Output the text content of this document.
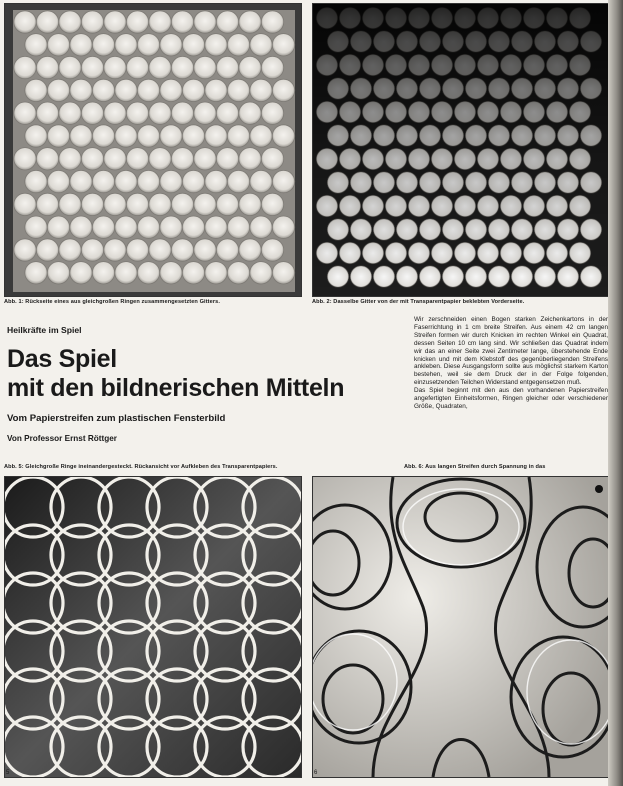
Abb. 1: Rückseite eines aus gleichgroßen Ringen zusammengesetzten Gitters.	Abb. 2: Dasselbe Gitter von der mit Transparentpapier beklebten Vorderseite.
Heilkräfte im Spiel
Das Spiel
mit den bildnerischen Mitteln
Vom Papierstreifen zum plastischen Fensterbild
Von Professor Ernst Röttger

Wir zerschneiden einen Bogen starken Zeichenkartons in der Faserrichtung in 1 cm breite Streifen. Aus einem 42 cm langen Streifen formen wir durch Knicken im rechten Winkel ein Quadrat, dessen Seiten 10 cm lang sind. Wir schließen das Quadrat indem wir das an einer Seite zwei Zentimeter lange, überstehende Ende knicken und mit dem Klebstoff des gegenüberliegenden Streifens ankleben. Diese Ausgangsform sollte aus möglichst starkem Karton bestehen, weil sie dem Druck der in der Folge folgenden, einzusetzenden Teilchen Widerstand entgegensetzen muß.

Das Spiel beginnt mit den aus den vorhandenen Papierstreifen angefertigten Einheitsformen, Ringen gleicher oder verschiedener Größe, Quadraten,

Abb. 5: Gleichgroße Ringe ineinandergesteckt. Rückansicht vor Aufkleben des Transparentpapiers.	Abb. 6: Aus langen Streifen durch Spannung in das
5	6
